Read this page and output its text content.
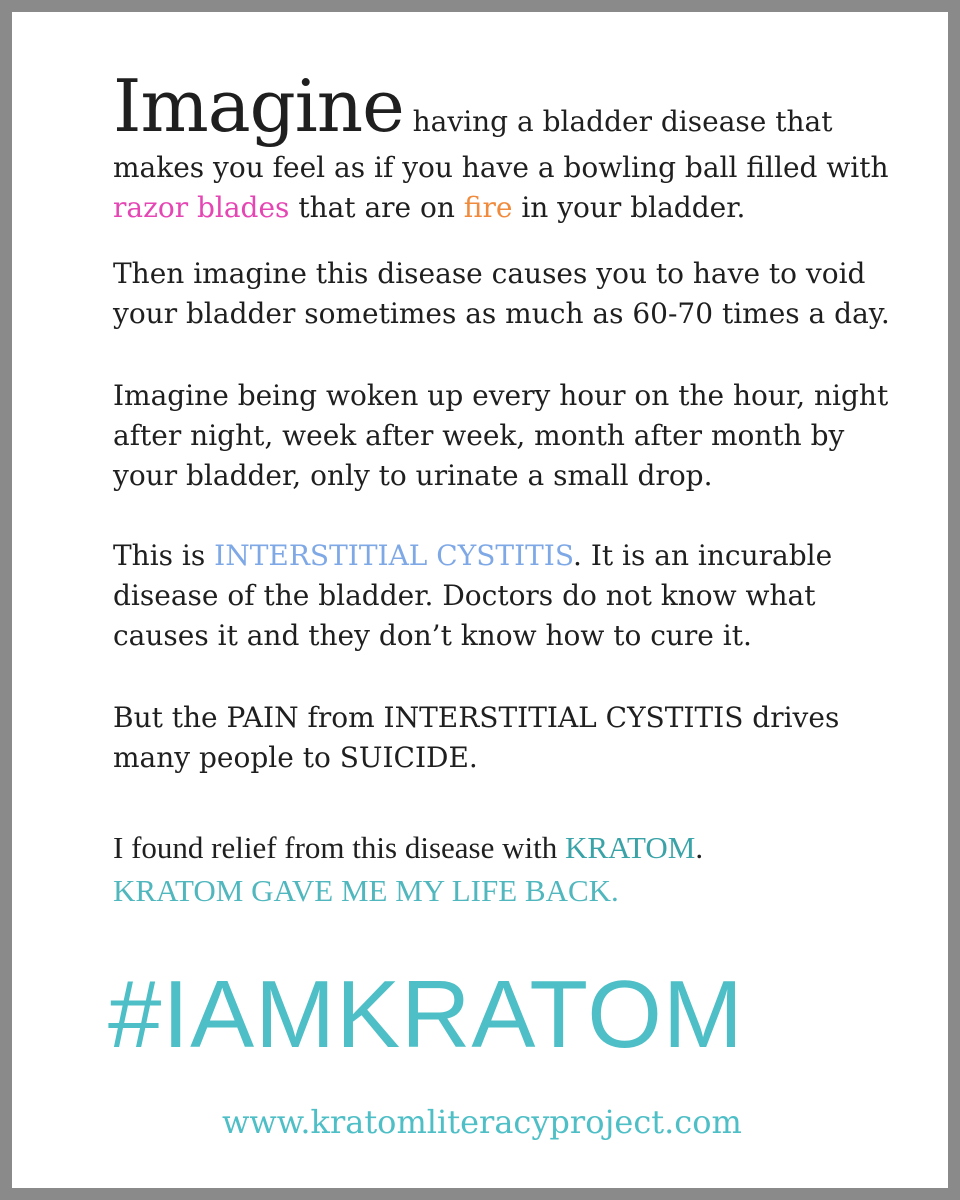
Imagine having a bladder disease that
makes you feel as if you have a bowling ball filled with
razor blades that are on fire in your bladder.
Then imagine this disease causes you to have to void
your bladder sometimes as much as 60-70 times a day.
Imagine being woken up every hour on the hour, night
after night, week after week, month after month by
your bladder, only to urinate a small drop.
This is INTERSTITIAL CYSTITIS. It is an incurable
disease of the bladder. Doctors do not know what
causes it and they don’t know how to cure it.
But the PAIN from INTERSTITIAL CYSTITIS drives
many people to SUICIDE.
I found relief from this disease with KRATOM.
KRATOM GAVE ME MY LIFE BACK.
#IAMKRATOM
www.kratomliteracyproject.com
